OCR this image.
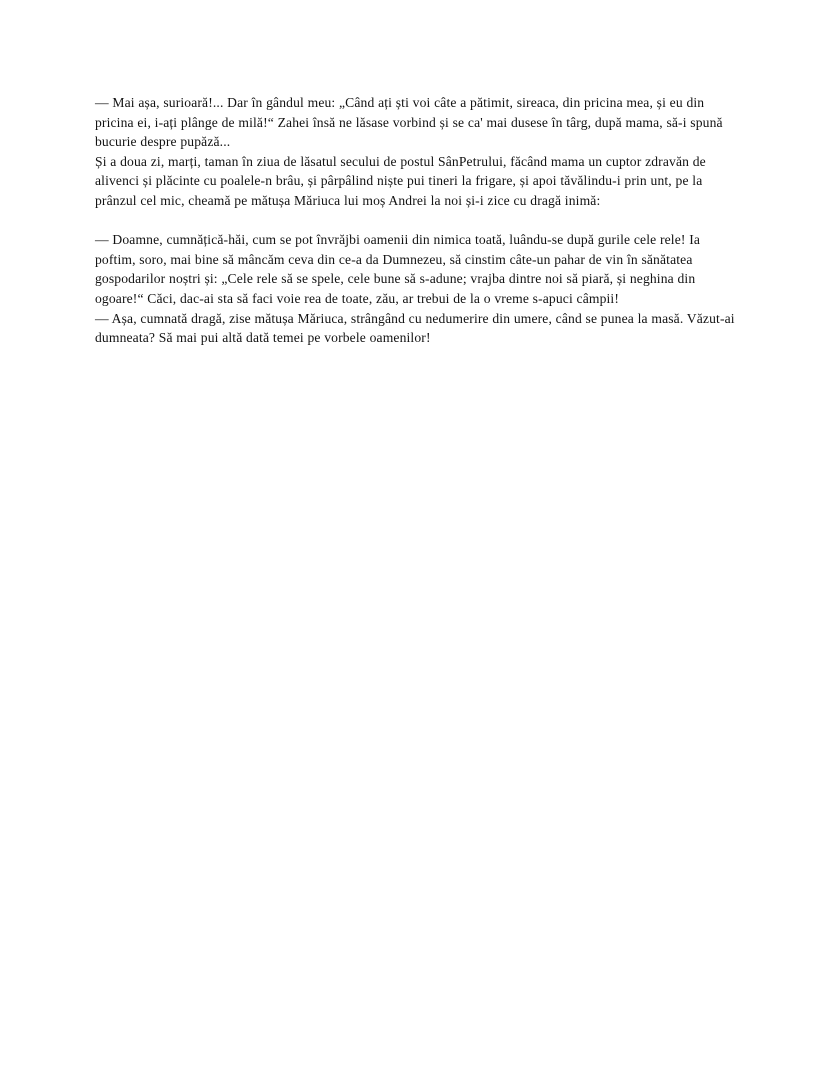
— Mai așa, surioară!... Dar în gândul meu: „Când ați ști voi câte a pătimit, sireaca, din pricina mea, și eu din pricina ei, i-ați plânge de milă!“ Zahei însă ne lăsase vorbind și se ca' mai dusese în târg, după mama, să-i spună bucurie despre pupăză...

Și a doua zi, marți, taman în ziua de lăsatul secului de postul SânPetrului, făcând mama un cuptor zdravăn de alivenci și plăcinte cu poalele-n brâu, și pârpâlind niște pui tineri la frigare, și apoi tăvălindu-i prin unt, pe la prânzul cel mic, cheamă pe mătușa Măriuca lui moș Andrei la noi și-i zice cu dragă inimă:

— Doamne, cumnățică-hăi, cum se pot învrăjbi oamenii din nimica toată, luându-se după gurile cele rele! Ia poftim, soro, mai bine să mâncăm ceva din ce-a da Dumnezeu, să cinstim câte-un pahar de vin în sănătatea gospodarilor noștri și: „Cele rele să se spele, cele bune să s-adune; vrajba dintre noi să piară, și neghina din ogoare!“ Căci, dac-ai sta să faci voie rea de toate, zău, ar trebui de la o vreme s-apuci câmpii!

— Așa, cumnată dragă, zise mătușa Măriuca, strângând cu nedumerire din umere, când se punea la masă. Văzut-ai dumneata? Să mai pui altă dată temei pe vorbele oamenilor!
